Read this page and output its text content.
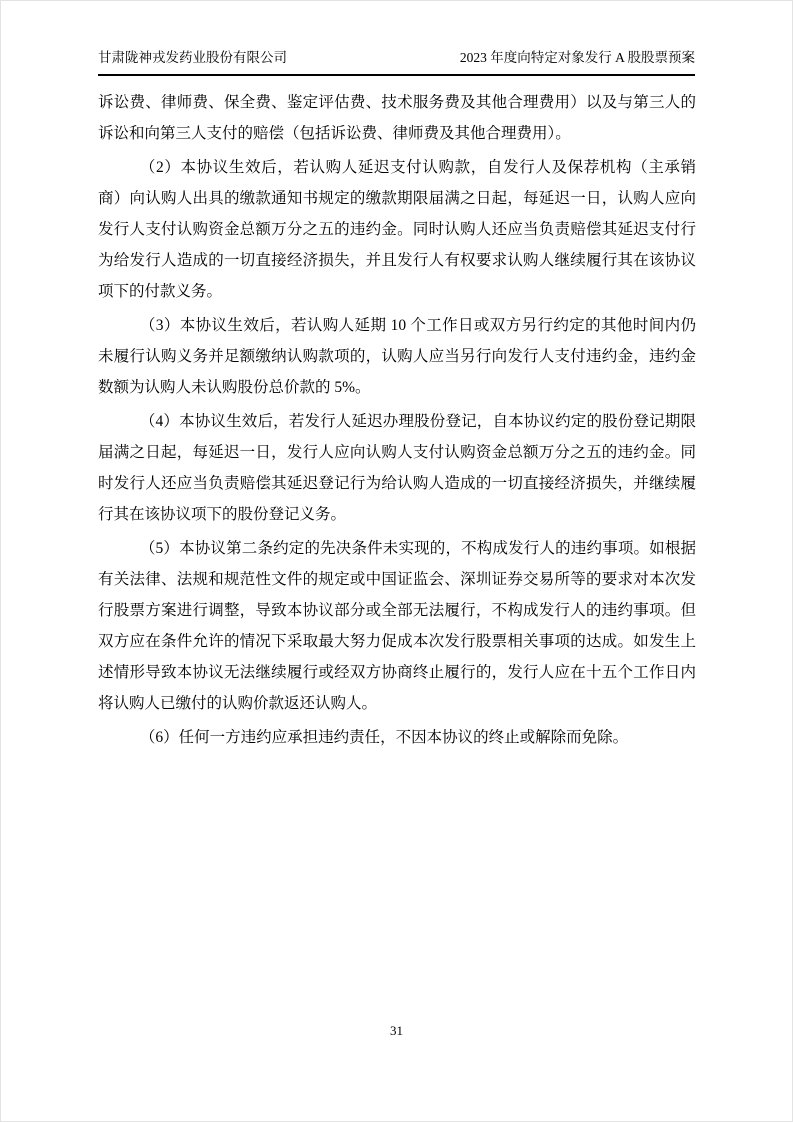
甘肃陇神戎发药业股份有限公司	2023 年度向特定对象发行 A 股股票预案

诉讼费、律师费、保全费、鉴定评估费、技术服务费及其他合理费用）以及与第三人的诉讼和向第三人支付的赔偿（包括诉讼费、律师费及其他合理费用）。

（2）本协议生效后，若认购人延迟支付认购款，自发行人及保荐机构（主承销商）向认购人出具的缴款通知书规定的缴款期限届满之日起，每延迟一日，认购人应向发行人支付认购资金总额万分之五的违约金。同时认购人还应当负责赔偿其延迟支付行为给发行人造成的一切直接经济损失，并且发行人有权要求认购人继续履行其在该协议项下的付款义务。

（3）本协议生效后，若认购人延期 10 个工作日或双方另行约定的其他时间内仍未履行认购义务并足额缴纳认购款项的，认购人应当另行向发行人支付违约金，违约金数额为认购人未认购股份总价款的 5%。

（4）本协议生效后，若发行人延迟办理股份登记，自本协议约定的股份登记期限届满之日起，每延迟一日，发行人应向认购人支付认购资金总额万分之五的违约金。同时发行人还应当负责赔偿其延迟登记行为给认购人造成的一切直接经济损失，并继续履行其在该协议项下的股份登记义务。

（5）本协议第二条约定的先决条件未实现的，不构成发行人的违约事项。如根据有关法律、法规和规范性文件的规定或中国证监会、深圳证券交易所等的要求对本次发行股票方案进行调整，导致本协议部分或全部无法履行，不构成发行人的违约事项。但双方应在条件允许的情况下采取最大努力促成本次发行股票相关事项的达成。如发生上述情形导致本协议无法继续履行或经双方协商终止履行的，发行人应在十五个工作日内将认购人已缴付的认购价款返还认购人。

（6）任何一方违约应承担违约责任，不因本协议的终止或解除而免除。

31
